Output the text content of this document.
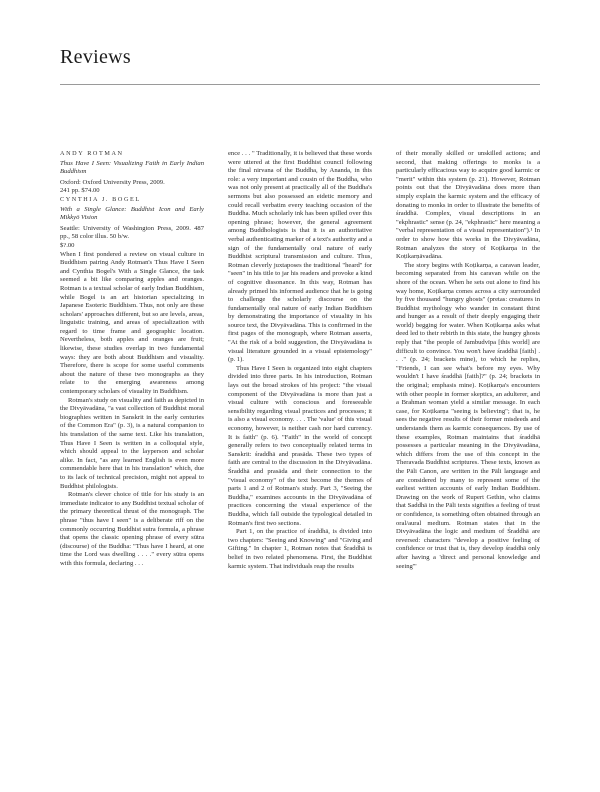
Reviews

ANDY ROTMAN
Thus Have I Seen: Visualizing Faith in Early Indian Buddhism
Oxford: Oxford University Press, 2009.
241 pp. $74.00

CYNTHIA J. BOGEL
With a Single Glance: Buddhist Icon and Early Mikkyō Vision
Seattle: University of Washington Press, 2009. 487 pp., 58 color illus. 50 b/w.
$?.00

When I first pondered a review on visual culture in Buddhism pairing Andy Rotman's Thus Have I Seen and Cynthia Bogel's With a Single Glance, the task seemed a bit like comparing apples and oranges. Rotman is a textual scholar of early Indian Buddhism, while Bogel is an art historian specializing in Japanese Esoteric Buddhism. Thus, not only are these scholars' approaches different, but so are levels, areas, linguistic training, and areas of specialization with regard to time frame and geographic location. Nevertheless, both apples and oranges are fruit; likewise, these studies overlap in two fundamental ways: they are both about Buddhism and visuality. Therefore, there is scope for some useful comments about the nature of these two monographs as they relate to the emerging awareness among contemporary scholars of visuality in Buddhism.

Rotman's study on visuality and faith as depicted in the Divyāvadāna, "a vast collection of Buddhist moral biographies written in Sanskrit in the early centuries of the Common Era" (p. 3), is a natural companion to his translation of the same text. Like his translation, Thus Have I Seen is written in a colloquial style, which should appeal to the layperson and scholar alike. In fact, "as any learned English is even more commendable here that in his translation" which, due to its lack of technical precision, might not appeal to Buddhist philologists.

Rotman's clever choice of title for his study is an immediate indicator to any Buddhist textual scholar of the primary theoretical thrust of the monograph. The phrase "thus have I seen" is a deliberate riff on the commonly occurring Buddhist sutra formula, a phrase that opens the classic opening phrase of every sūtra (discourse) of the Buddha: "Thus have I heard, at one time the Lord was dwelling . . . ." every sūtra opens with this formula, declaring . . .

ence . . . " Traditionally, it is believed that these words were uttered at the first Buddhist council following the final nirvana of the Buddha, by Ananda, in this role: a very important and cousin of the Buddha, who was not only present at practically all of the Buddha's sermons but also possessed an eidetic memory and could recall verbatim every teaching occasion of the Buddha. Much scholarly ink has been spilled over this opening phrase; however, the general agreement among Buddhologists is that it is an authoritative verbal authenticating marker of a text's authority and a sign of the fundamentally oral nature of early Buddhist scriptural transmission and culture. Thus, Rotman cleverly juxtaposes the traditional "heard" for "seen" in his title to jar his readers and provoke a kind of cognitive dissonance. In this way, Rotman has already primed his informed audience that he is going to challenge the scholarly discourse on the fundamentally oral nature of early Indian Buddhism by demonstrating the importance of visuality in his source text, the Divyāvadāna. This is confirmed in the first pages of the monograph, where Rotman asserts, "At the risk of a bold suggestion, the Divyāvadāna is visual literature grounded in a visual epistemology" (p. 1).

Thus Have I Seen is organized into eight chapters divided into three parts. In his introduction, Rotman lays out the broad strokes of his project: "the visual component of the Divyāvadāna is more than just a visual culture with conscious and foreseeable sensibility regarding visual practices and processes; it is also a visual economy. . . . The 'value' of this visual economy, however, is neither cash nor hard currency. It is faith" (p. 6). "Faith" in the world of concept generally refers to two conceptually related terms in Sanskrit: śraddhā and prasāda. These two types of faith are central to the discussion in the Divyāvadāna. Śraddhā and prasāda and their connection to the "visual economy" of the text become the themes of parts 1 and 2 of Rotman's study. Part 3, "Seeing the Buddha," examines accounts in the Divyāvadāna of practices concerning the visual experience of the Buddha, which fall outside the typological detailed in Rotman's first two sections.

Part 1, on the practice of śraddhā, is divided into two chapters: "Seeing and Knowing" and "Giving and Gifting." In chapter 1, Rotman notes that Śraddhā is belief in two related phenomena. First, the Buddhist karmic system. That individuals reap the results

of their morally skilled or unskilled actions; and second, that making offerings to monks is a particularly efficacious way to acquire good karmic or "merit" within this system (p. 21). However, Rotman points out that the Divyāvadāna does more than simply explain the karmic system and the efficacy of donating to monks in order to illustrate the benefits of śraddhā. Complex, visual descriptions in an "ekphrastic" sense (p. 24, "ekphrastic" here meaning a "verbal representation of a visual representation").¹ In order to show how this works in the Divyāvadāna, Rotman analyzes the story of Koṭikarṇa in the Koṭikarṇāvadāna.

The story begins with Koṭikarṇa, a caravan leader, becoming separated from his caravan while on the shore of the ocean. When he sets out alone to find his way home, Koṭikarṇa comes across a city surrounded by five thousand "hungry ghosts" (pretas: creatures in Buddhist mythology who wander in constant thirst and hunger as a result of their deeply engaging their world) begging for water. When Koṭikarṇa asks what deed led to their rebirth in this state, the hungry ghosts reply that "the people of Jambudvīpa [this world] are difficult to convince. You won't have śraddhā [faith] . . ." (p. 24; brackets mine), to which he replies, "Friends, I can see what's before my eyes. Why wouldn't I have śraddhā [faith]?" (p. 24; brackets in the original; emphasis mine). Koṭikarṇa's encounters with other people in former skeptics, an adulterer, and a Brahman woman yield a similar message. In each case, for Koṭikarṇa "seeing is believing"; that is, he sees the negative results of their former misdeeds and understands them as karmic consequences. By use of these examples, Rotman maintains that śraddhā possesses a particular meaning in the Divyāvadāna, which differs from the use of this concept in the Theravada Buddhist scriptures. These texts, known as the Pāli Canon, are written in the Pāli language and are considered by many to represent some of the earliest written accounts of early Indian Buddhism. Drawing on the work of Rupert Gethin, who claims that Saddhā in the Pāli texts signifies a feeling of trust or confidence, is something often obtained through an oral/aural medium. Rotman states that in the Divyāvadāna the logic and medium of Śraddhā are reversed: characters "develop a positive feeling of confidence or trust that is, they develop śraddhā only after having a 'direct and personal knowledge and seeing'"
